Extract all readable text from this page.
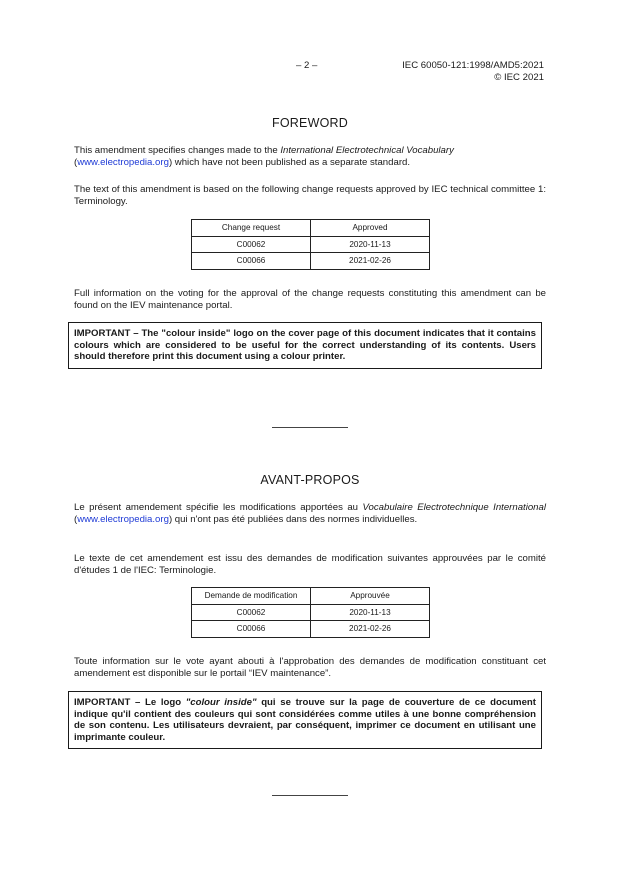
– 2 –	IEC 60050-121:1998/AMD5:2021
© IEC 2021
FOREWORD
This amendment specifies changes made to the International Electrotechnical Vocabulary
(www.electropedia.org) which have not been published as a separate standard.
The text of this amendment is based on the following change requests approved by IEC technical committee 1: Terminology.
Change request	Approved
C00062	2020-11-13
C00066	2021-02-26
Full information on the voting for the approval of the change requests constituting this amendment can be found on the IEV maintenance portal.
IMPORTANT – The "colour inside" logo on the cover page of this document indicates that it contains colours which are considered to be useful for the correct understanding of its contents. Users should therefore print this document using a colour printer.
AVANT-PROPOS
Le présent amendement spécifie les modifications apportées au Vocabulaire Electrotechnique International (www.electropedia.org) qui n'ont pas été publiées dans des normes individuelles.
Le texte de cet amendement est issu des demandes de modification suivantes approuvées par le comité d'études 1 de l'IEC: Terminologie.
Demande de modification	Approuvée
C00062	2020-11-13
C00066	2021-02-26
Toute information sur le vote ayant abouti à l'approbation des demandes de modification constituant cet amendement est disponible sur le portail “IEV maintenance”.
IMPORTANT – Le logo "colour inside" qui se trouve sur la page de couverture de ce document indique qu'il contient des couleurs qui sont considérées comme utiles à une bonne compréhension de son contenu. Les utilisateurs devraient, par conséquent, imprimer ce document en utilisant une imprimante couleur.
